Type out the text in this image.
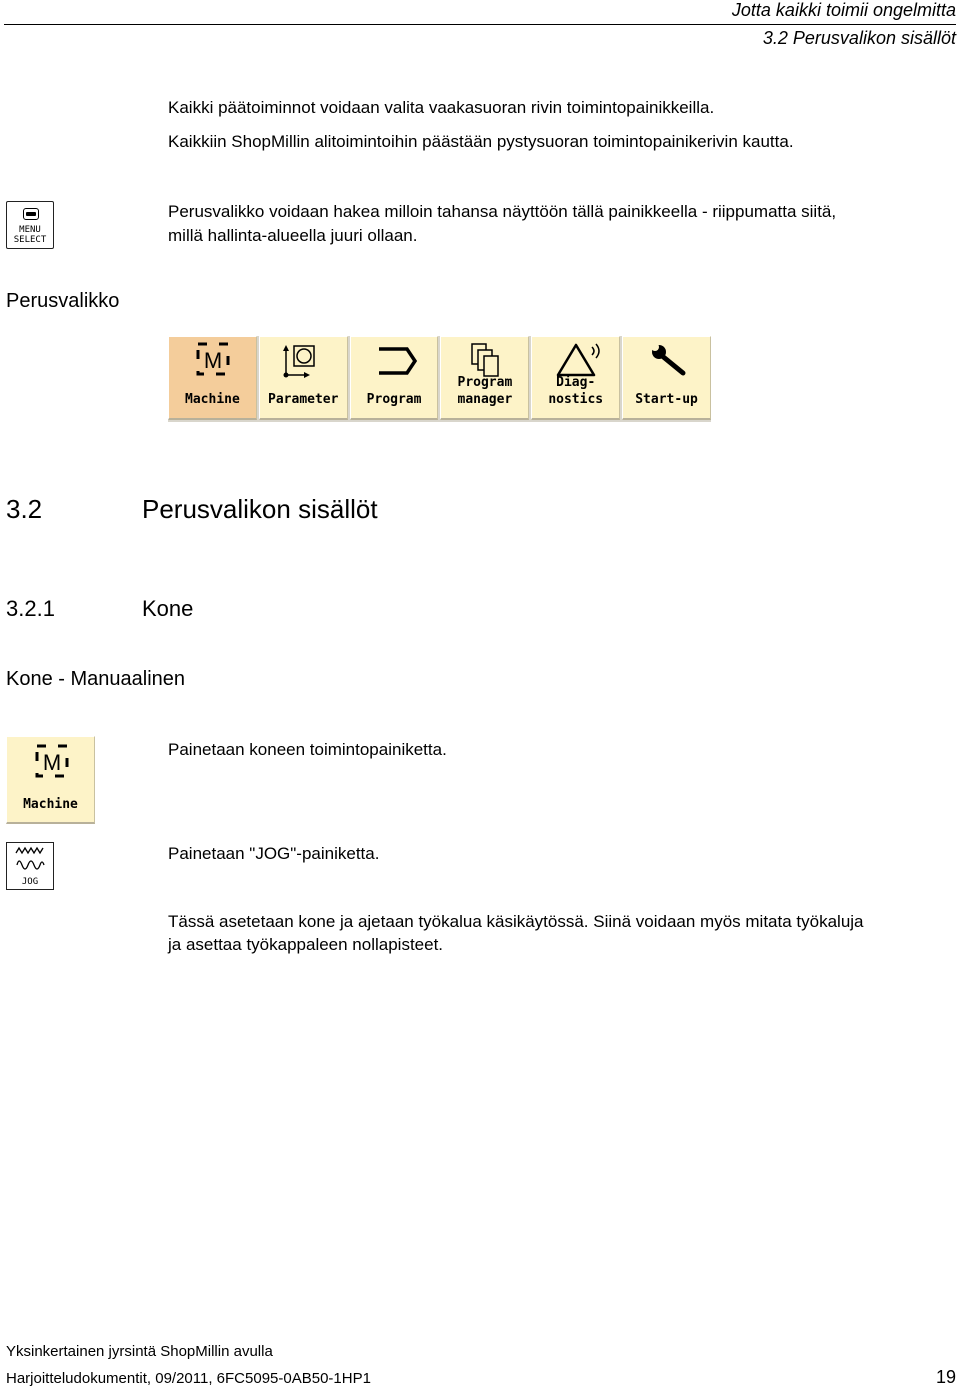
Jotta kaikki toimii ongelmitta
3.2 Perusvalikon sisällöt
Kaikki päätoiminnot voidaan valita vaakasuoran rivin toimintopainikkeilla.
Kaikkiin ShopMillin alitoimintoihin päästään pystysuoran toimintopainikerivin kautta.
MENU
SELECT
Perusvalikko voidaan hakea milloin tahansa näyttöön tällä painikkeella - riippumatta siitä,
millä hallinta-alueella juuri ollaan.
Perusvalikko
M
Machine	Parameter	Program
Program
manager
Diag-
nostics	Start-up
3.2	Perusvalikon sisällöt
3.2.1	Kone
Kone - Manuaalinen
M
Machine
Painetaan koneen toimintopainiketta.
JOG
Painetaan "JOG"-painiketta.
Tässä asetetaan kone ja ajetaan työkalua käsikäytössä. Siinä voidaan myös mitata työkaluja
ja asettaa työkappaleen nollapisteet.
Yksinkertainen jyrsintä ShopMillin avulla
Harjoitteludokumentit, 09/2011, 6FC5095-0AB50-1HP1	19
